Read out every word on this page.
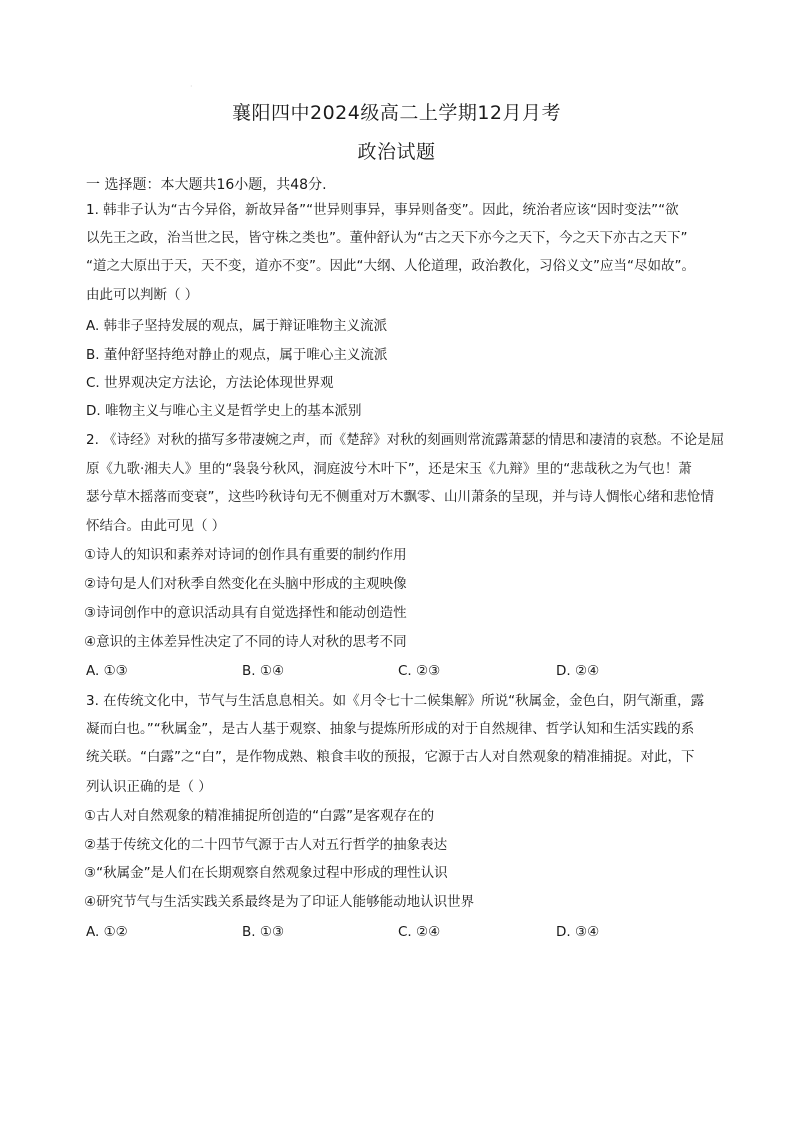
·
襄阳四中2024级高二上学期12月月考
政治试题
一 选择题：本大题共16小题，共48分.
1. 韩非子认为“古今异俗，新故异备”“世异则事异，事异则备变”。因此，统治者应该“因时变法”“欲
以先王之政，治当世之民，皆守株之类也”。董仲舒认为“古之天下亦今之天下，今之天下亦古之天下”
“道之大原出于天，天不变，道亦不变”。因此“大纲、人伦道理，政治教化，习俗义文”应当“尽如故”。
由此可以判断（ ）
A. 韩非子坚持发展的观点，属于辩证唯物主义流派
B. 董仲舒坚持绝对静止的观点，属于唯心主义流派
C. 世界观决定方法论，方法论体现世界观
D. 唯物主义与唯心主义是哲学史上的基本派别
2. 《诗经》对秋的描写多带凄婉之声，而《楚辞》对秋的刻画则常流露萧瑟的情思和凄清的哀愁。不论是屈
原《九歌·湘夫人》里的“袅袅兮秋风，洞庭波兮木叶下”，还是宋玉《九辩》里的“悲哉秋之为气也！萧
瑟兮草木摇落而变衰”，这些吟秋诗句无不侧重对万木飘零、山川萧条的呈现，并与诗人惆怅心绪和悲怆情
怀结合。由此可见（ ）
①诗人的知识和素养对诗词的创作具有重要的制约作用
②诗句是人们对秋季自然变化在头脑中形成的主观映像
③诗词创作中的意识活动具有自觉选择性和能动创造性
④意识的主体差异性决定了不同的诗人对秋的思考不同
A. ①③	B. ①④	C. ②③	D. ②④
3. 在传统文化中，节气与生活息息相关。如《月令七十二候集解》所说“秋属金，金色白，阴气渐重，露
凝而白也。”“秋属金”，是古人基于观察、抽象与提炼所形成的对于自然规律、哲学认知和生活实践的系
统关联。“白露”之“白”，是作物成熟、粮食丰收的预报，它源于古人对自然观象的精准捕捉。对此，下
列认识正确的是（ ）
①古人对自然观象的精准捕捉所创造的“白露”是客观存在的
②基于传统文化的二十四节气源于古人对五行哲学的抽象表达
③“秋属金”是人们在长期观察自然观象过程中形成的理性认识
④研究节气与生活实践关系最终是为了印证人能够能动地认识世界
A. ①②	B. ①③	C. ②④	D. ③④
